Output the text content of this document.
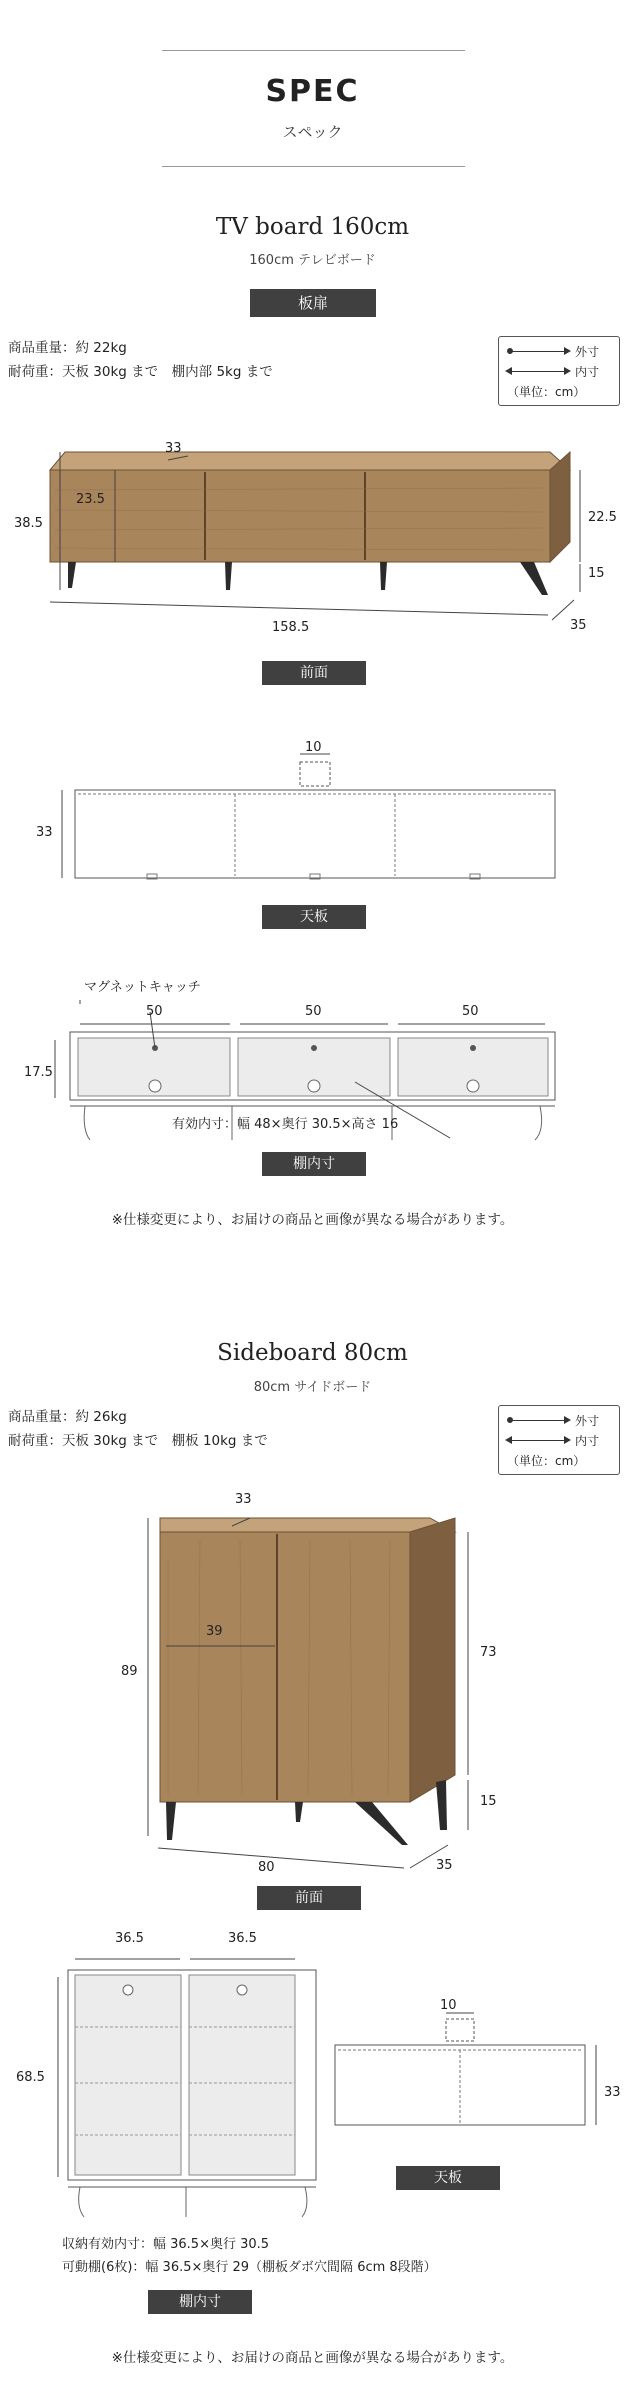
SPEC
スペック
TV board 160cm
160cm テレビボード
板扉
商品重量：約 22kg
耐荷重：天板 30kg まで　棚内部 5kg まで
外寸
内寸
（単位：cm）
38.5
23.5
33
22.5
15
158.5	35
前面
10
33
天板
マグネットキャッチ
50	50	50
17.5
有効内寸：幅 48×奥行 30.5×高さ 16
棚内寸
※仕様変更により、お届けの商品と画像が異なる場合があります。
Sideboard 80cm
80cm サイドボード
商品重量：約 26kg
耐荷重：天板 30kg まで　棚板 10kg まで
外寸
内寸
（単位：cm）
33
39
89
73
15
80	35
前面
36.5	36.5
68.5
収納有効内寸：幅 36.5×奥行 30.5
可動棚(6枚)：幅 36.5×奥行 29（棚板ダボ穴間隔 6cm 8段階）
棚内寸
10
33
天板
※仕様変更により、お届けの商品と画像が異なる場合があります。
